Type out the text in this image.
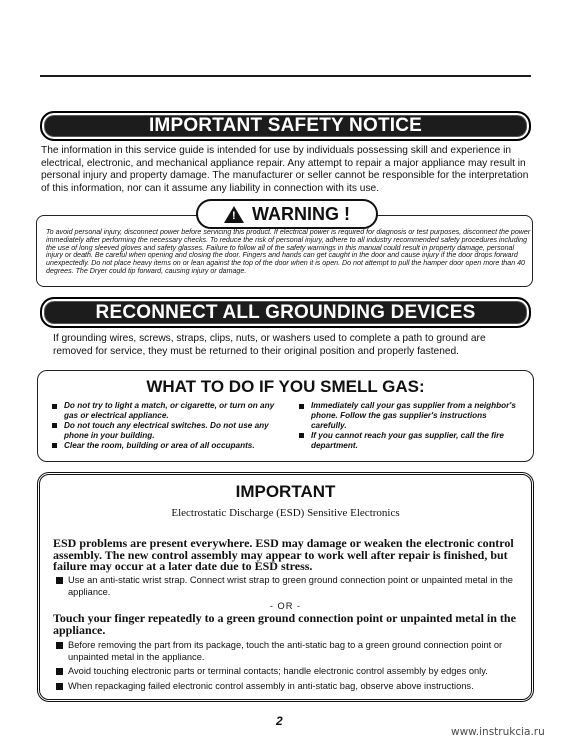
IMPORTANT SAFETY NOTICE

The information in this service guide is intended for use by individuals possessing skill and experience in electrical, electronic, and mechanical appliance repair. Any attempt to repair a major appliance may result in personal injury and property damage. The manufacturer or seller cannot be responsible for the interpretation of this information, nor can it assume any liability in connection with its use.

! WARNING !

To avoid personal injury, disconnect power before servicing this product. If electrical power is required for diagnosis or test purposes, disconnect the power immediately after performing the necessary checks. To reduce the risk of personal injury, adhere to all industry recommended safety procedures including the use of long sleeved gloves and safety glasses. Failure to follow all of the safety warnings in this manual could result in property damage, personal injury or death. Be careful when opening and closing the door. Fingers and hands can get caught in the door and cause injury if the door drops forward unexpectedly. Do not place heavy items on or lean against the top of the door when it is open. Do not attempt to pull the hamper door open more than 40 degrees. The Dryer could tip forward, causing injury or damage.

RECONNECT ALL GROUNDING DEVICES

If grounding wires, screws, straps, clips, nuts, or washers used to complete a path to ground are removed for service, they must be returned to their original position and properly fastened.

WHAT TO DO IF YOU SMELL GAS:
Do not try to light a match, or cigarette, or turn on any gas or electrical appliance.
Do not touch any electrical switches. Do not use any phone in your building.
Clear the room, building or area of all occupants.
Immediately call your gas supplier from a neighbor's phone. Follow the gas supplier's instructions carefully.
If you cannot reach your gas supplier, call the fire department.
IMPORTANT
Electrostatic Discharge (ESD) Sensitive Electronics

ESD problems are present everywhere. ESD may damage or weaken the electronic control assembly. The new control assembly may appear to work well after repair is finished, but failure may occur at a later date due to ESD stress.

Use an anti-static wrist strap. Connect wrist strap to green ground connection point or unpainted metal in the appliance.

- OR -

Touch your finger repeatedly to a green ground connection point or unpainted metal in the appliance.

Before removing the part from its package, touch the anti-static bag to a green ground connection point or unpainted metal in the appliance.

Avoid touching electronic parts or terminal contacts; handle electronic control assembly by edges only.

When repackaging failed electronic control assembly in anti-static bag, observe above instructions.

2
www.instrukcia.ru
